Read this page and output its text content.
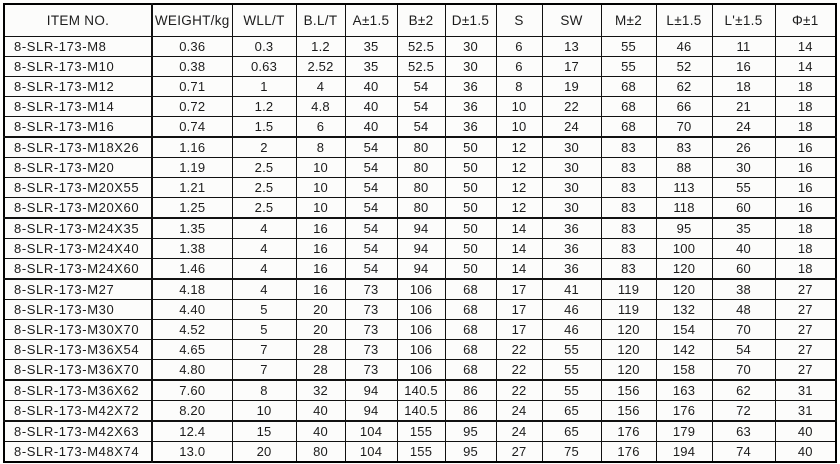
ITEM NO.	WEIGHT/kg	WLL/T	B.L/T	A±1.5	B±2	D±1.5	S	SW	M±2	L±1.5	L'±1.5	Φ±1
8-SLR-173-M8	0.36	0.3	1.2	35	52.5	30	6	13	55	46	11	14
8-SLR-173-M10	0.38	0.63	2.52	35	52.5	30	6	17	55	52	16	14
8-SLR-173-M12	0.71	1	4	40	54	36	8	19	68	62	18	18
8-SLR-173-M14	0.72	1.2	4.8	40	54	36	10	22	68	66	21	18
8-SLR-173-M16	0.74	1.5	6	40	54	36	10	24	68	70	24	18
8-SLR-173-M18X26	1.16	2	8	54	80	50	12	30	83	83	26	16
8-SLR-173-M20	1.19	2.5	10	54	80	50	12	30	83	88	30	16
8-SLR-173-M20X55	1.21	2.5	10	54	80	50	12	30	83	113	55	16
8-SLR-173-M20X60	1.25	2.5	10	54	80	50	12	30	83	118	60	16
8-SLR-173-M24X35	1.35	4	16	54	94	50	14	36	83	95	35	18
8-SLR-173-M24X40	1.38	4	16	54	94	50	14	36	83	100	40	18
8-SLR-173-M24X60	1.46	4	16	54	94	50	14	36	83	120	60	18
8-SLR-173-M27	4.18	4	16	73	106	68	17	41	119	120	38	27
8-SLR-173-M30	4.40	5	20	73	106	68	17	46	119	132	48	27
8-SLR-173-M30X70	4.52	5	20	73	106	68	17	46	120	154	70	27
8-SLR-173-M36X54	4.65	7	28	73	106	68	22	55	120	142	54	27
8-SLR-173-M36X70	4.80	7	28	73	106	68	22	55	120	158	70	27
8-SLR-173-M36X62	7.60	8	32	94	140.5	86	22	55	156	163	62	31
8-SLR-173-M42X72	8.20	10	40	94	140.5	86	24	65	156	176	72	31
8-SLR-173-M42X63	12.4	15	40	104	155	95	24	65	176	179	63	40
8-SLR-173-M48X74	13.0	20	80	104	155	95	27	75	176	194	74	40
